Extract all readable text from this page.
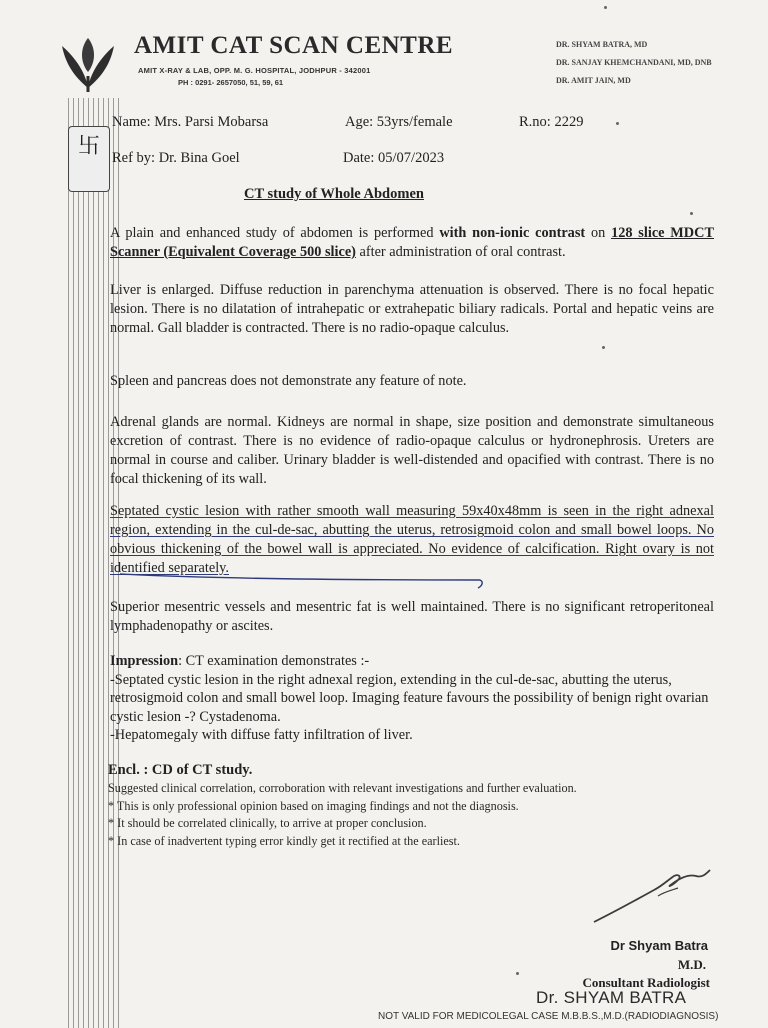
卐
AMIT CAT SCAN CENTRE
AMIT X-RAY & LAB, OPP. M. G. HOSPITAL, JODHPUR - 342001
PH : 0291- 2657050, 51, 59, 61
DR. SHYAM BATRA, MD
DR. SANJAY KHEMCHANDANI, MD, DNB
DR. AMIT JAIN, MD
Name: Mrs. Parsi Mobarsa	Age: 53yrs/female	R.no: 2229
Ref by: Dr. Bina Goel	Date: 05/07/2023
CT study of Whole Abdomen
A plain and enhanced study of abdomen is performed with non-ionic contrast on 128 slice MDCT Scanner (Equivalent Coverage 500 slice) after administration of oral contrast.
Liver is enlarged. Diffuse reduction in parenchyma attenuation is observed. There is no focal hepatic lesion. There is no dilatation of intrahepatic or extrahepatic biliary radicals. Portal and hepatic veins are normal. Gall bladder is contracted. There is no radio-opaque calculus.
Spleen and pancreas does not demonstrate any feature of note.
Adrenal glands are normal. Kidneys are normal in shape, size position and demonstrate simultaneous excretion of contrast. There is no evidence of radio-opaque calculus or hydronephrosis. Ureters are normal in course and caliber. Urinary bladder is well-distended and opacified with contrast. There is no focal thickening of its wall.
Septated cystic lesion with rather smooth wall measuring 59x40x48mm is seen in the right adnexal region, extending in the cul-de-sac, abutting the uterus, retrosigmoid colon and small bowel loops. No obvious thickening of the bowel wall is appreciated. No evidence of calcification. Right ovary is not identified separately.
Superior mesentric vessels and mesentric fat is well maintained. There is no significant retroperitoneal lymphadenopathy or ascites.
Impression: CT examination demonstrates :-
-Septated cystic lesion in the right adnexal region, extending in the cul-de-sac, abutting the uterus, retrosigmoid colon and small bowel loop. Imaging feature favours the possibility of benign right ovarian cystic lesion -? Cystadenoma.
-Hepatomegaly with diffuse fatty infiltration of liver.
Encl. : CD of CT study.
Suggested clinical correlation, corroboration with relevant investigations and further evaluation.
* This is only professional opinion based on imaging findings and not the diagnosis.
* It should be correlated clinically, to arrive at proper conclusion.
* In case of inadvertent typing error kindly get it rectified at the earliest.
Dr Shyam Batra
M.D.
Consultant Radiologist
Dr. SHYAM BATRA
NOT VALID FOR MEDICOLEGAL CASE M.B.B.S.,M.D.(RADIODIAGNOSIS)
